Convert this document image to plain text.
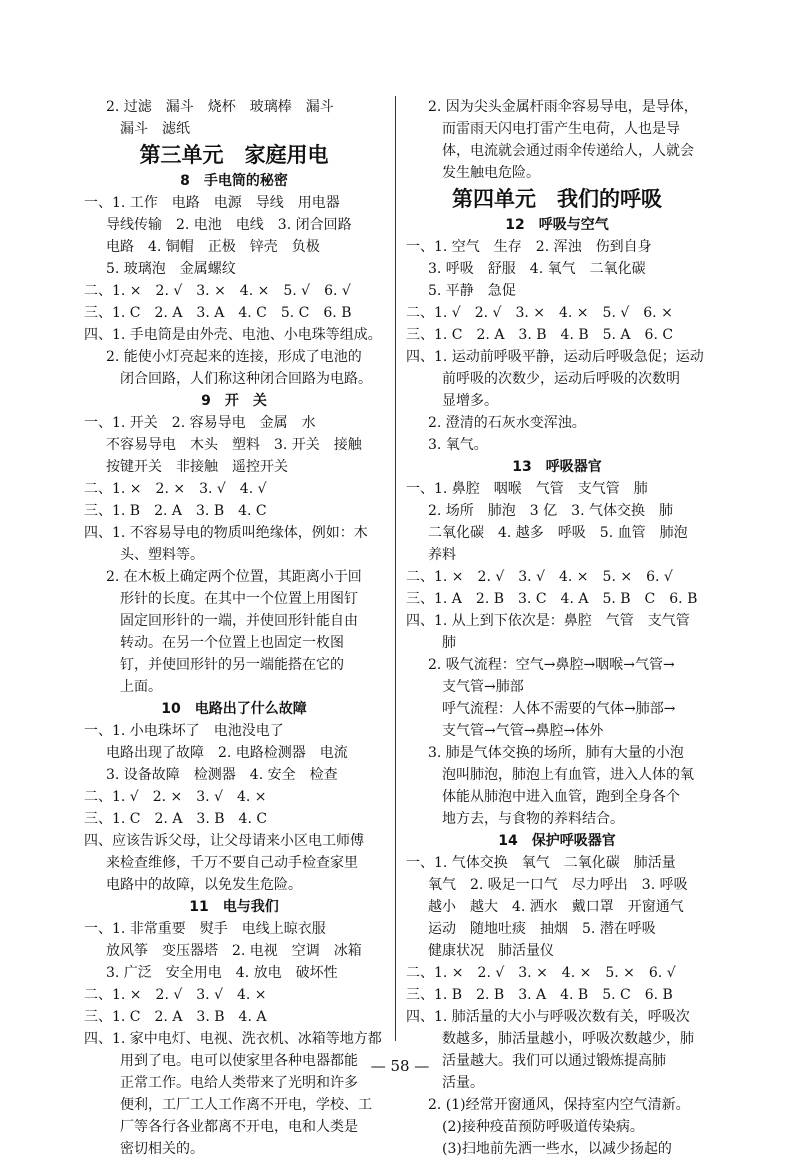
2. 过滤　漏斗　烧杯　玻璃棒　漏斗
漏斗　滤纸
第三单元　家庭用电
8　手电筒的秘密
一、1. 工作　电路　电源　导线　用电器
导线传输　2. 电池　电线　3. 闭合回路
电路　4. 铜帽　正极　锌壳　负极
5. 玻璃泡　金属螺纹
二、1. ×　2. √　3. ×　4. ×　5. √　6. √
三、1. C　2. A　3. A　4. C　5. C　6. B
四、1. 手电筒是由外壳、电池、小电珠等组成。
2. 能使小灯亮起来的连接，形成了电池的
闭合回路，人们称这种闭合回路为电路。
9　开　关
一、1. 开关　2. 容易导电　金属　水
不容易导电　木头　塑料　3. 开关　接触
按键开关　非接触　遥控开关
二、1. ×　2. ×　3. √　4. √
三、1. B　2. A　3. B　4. C
四、1. 不容易导电的物质叫绝缘体，例如：木
头、塑料等。
2. 在木板上确定两个位置，其距离小于回
形针的长度。在其中一个位置上用图钉
固定回形针的一端，并使回形针能自由
转动。在另一个位置上也固定一枚图
钉，并使回形针的另一端能搭在它的
上面。
10　电路出了什么故障
一、1. 小电珠坏了　电池没电了
电路出现了故障　2. 电路检测器　电流
3. 设备故障　检测器　4. 安全　检查
二、1. √　2. ×　3. √　4. ×
三、1. C　2. A　3. B　4. C
四、应该告诉父母，让父母请来小区电工师傅
来检查维修，千万不要自己动手检查家里
电路中的故障，以免发生危险。
11　电与我们
一、1. 非常重要　熨手　电线上晾衣服
放风筝　变压器塔　2. 电视　空调　冰箱
3. 广泛　安全用电　4. 放电　破坏性
二、1. ×　2. √　3. √　4. ×
三、1. C　2. A　3. B　4. A
四、1. 家中电灯、电视、洗衣机、冰箱等地方都
用到了电。电可以使家里各种电器都能
正常工作。电给人类带来了光明和许多
便利，工厂工人工作离不开电，学校、工
厂等各行各业都离不开电，电和人类是
密切相关的。
2. 因为尖头金属杆雨伞容易导电，是导体，
而雷雨天闪电打雷产生电荷，人也是导
体，电流就会通过雨伞传递给人，人就会
发生触电危险。
第四单元　我们的呼吸
12　呼吸与空气
一、1. 空气　生存　2. 浑浊　伤到自身
3. 呼吸　舒服　4. 氧气　二氧化碳
5. 平静　急促
二、1. √　2. √　3. ×　4. ×　5. √　6. ×
三、1. C　2. A　3. B　4. B　5. A　6. C
四、1. 运动前呼吸平静，运动后呼吸急促；运动
前呼吸的次数少，运动后呼吸的次数明
显增多。
2. 澄清的石灰水变浑浊。
3. 氧气。
13　呼吸器官
一、1. 鼻腔　咽喉　气管　支气管　肺
2. 场所　肺泡　3 亿　3. 气体交换　肺
二氧化碳　4. 越多　呼吸　5. 血管　肺泡
养料
二、1. ×　2. √　3. √　4. ×　5. ×　6. √
三、1. A　2. B　3. C　4. A　5. B　C　6. B
四、1. 从上到下依次是：鼻腔　气管　支气管
肺
2. 吸气流程：空气→鼻腔→咽喉→气管→
支气管→肺部
呼气流程：人体不需要的气体→肺部→
支气管→气管→鼻腔→体外
3. 肺是气体交换的场所，肺有大量的小泡
泡叫肺泡，肺泡上有血管，进入人体的氧
体能从肺泡中进入血管，跑到全身各个
地方去，与食物的养料结合。
14　保护呼吸器官
一、1. 气体交换　氧气　二氧化碳　肺活量
氧气　2. 吸足一口气　尽力呼出　3. 呼吸
越小　越大　4. 洒水　戴口罩　开窗通气
运动　随地吐痰　抽烟　5. 潜在呼吸
健康状况　肺活量仪
二、1. ×　2. √　3. ×　4. ×　5. ×　6. √
三、1. B　2. B　3. A　4. B　5. C　6. B
四、1. 肺活量的大小与呼吸次数有关，呼吸次
数越多，肺活量越小，呼吸次数越少，肺
活量越大。我们可以通过锻炼提高肺
活量。
2. (1)经常开窗通风，保持室内空气清新。
(2)接种疫苗预防呼吸道传染病。
(3)扫地前先洒一些水，以减少扬起的
— 58 —
